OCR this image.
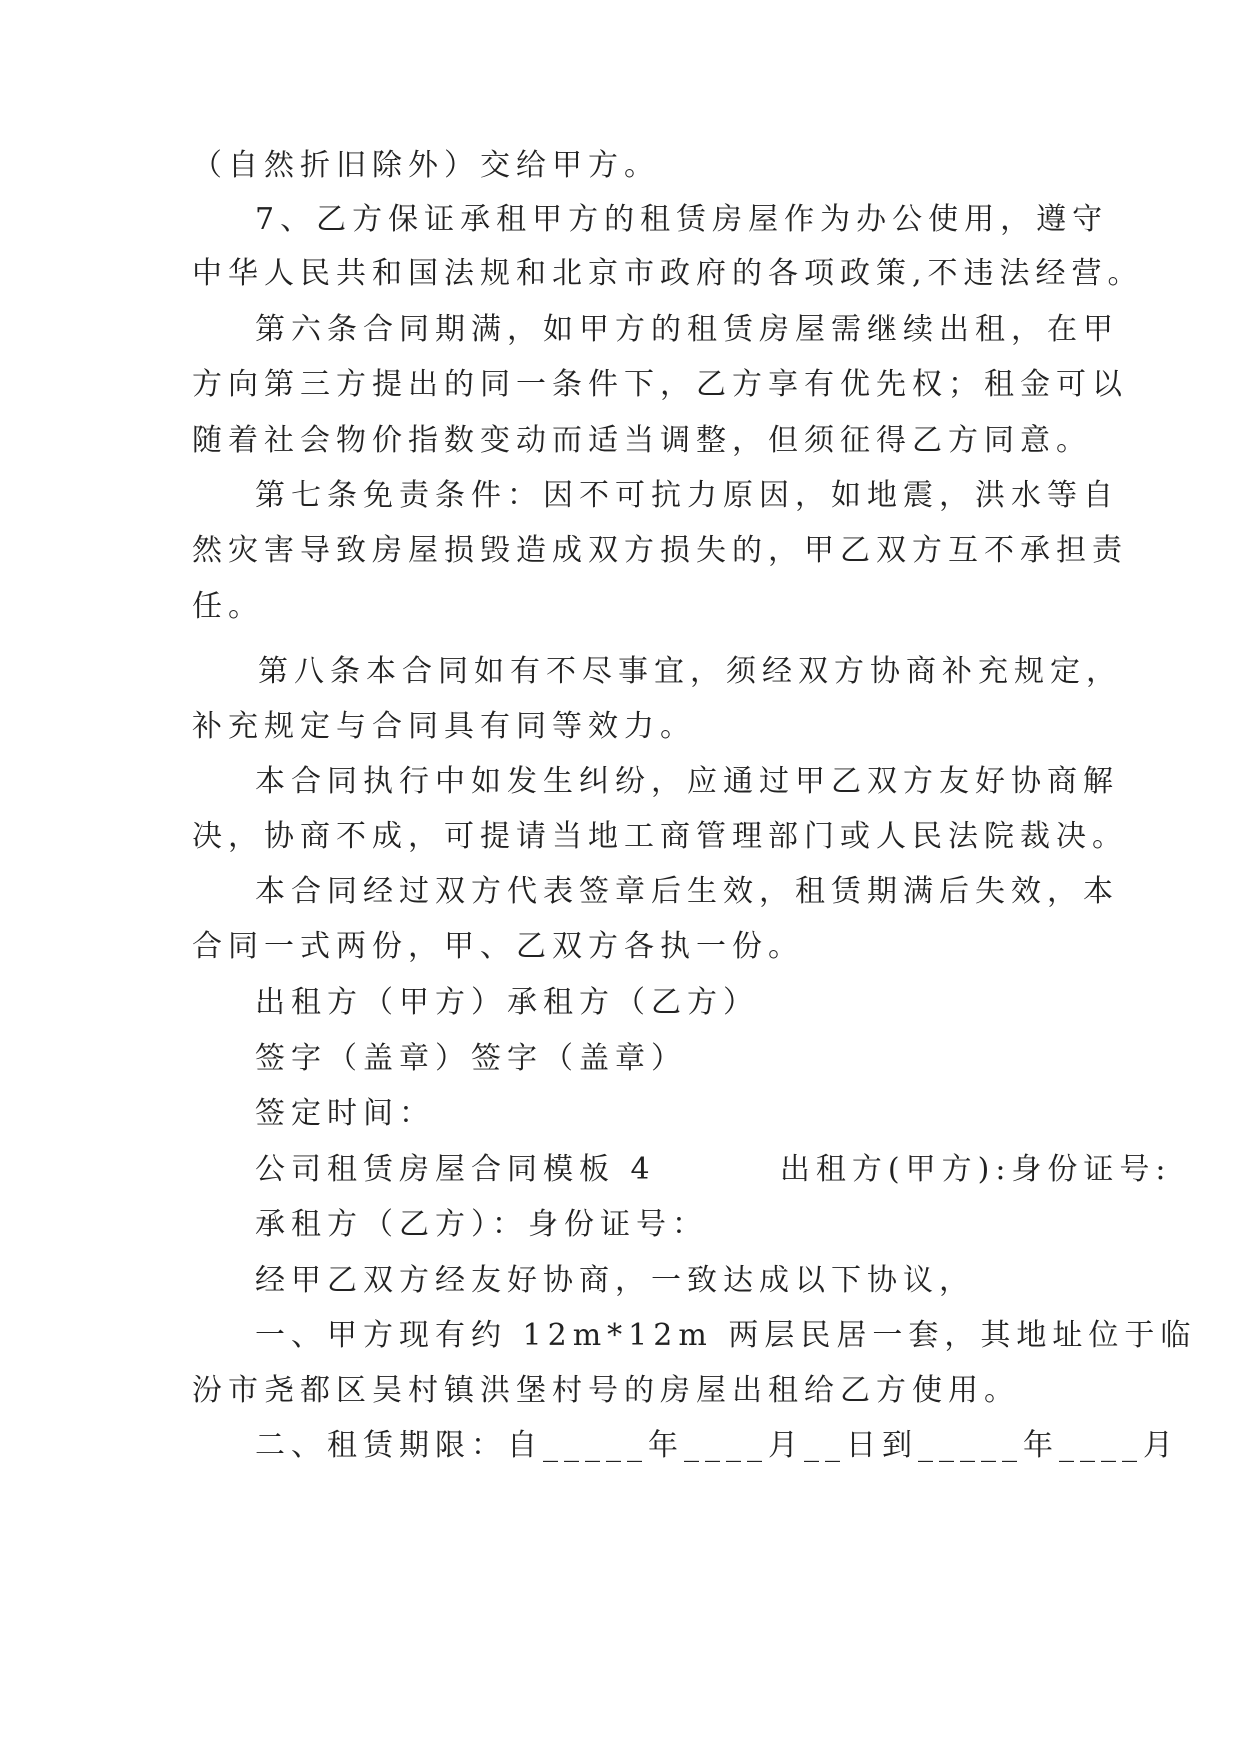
（自然折旧除外）交给甲方。
7、乙方保证承租甲方的租赁房屋作为办公使用，遵守
中华人民共和国法规和北京市政府的各项政策,不违法经营。
第六条合同期满，如甲方的租赁房屋需继续出租，在甲
方向第三方提出的同一条件下，乙方享有优先权；租金可以
随着社会物价指数变动而适当调整，但须征得乙方同意。
第七条免责条件：因不可抗力原因，如地震，洪水等自
然灾害导致房屋损毁造成双方损失的，甲乙双方互不承担责
任。
第八条本合同如有不尽事宜，须经双方协商补充规定，
补充规定与合同具有同等效力。
本合同执行中如发生纠纷，应通过甲乙双方友好协商解
决，协商不成，可提请当地工商管理部门或人民法院裁决。
本合同经过双方代表签章后生效，租赁期满后失效，本
合同一式两份，甲、乙双方各执一份。
出租方（甲方）承租方（乙方）
签字（盖章）签字（盖章）
签定时间：
公司租赁房屋合同模板 4        出租方(甲方):身份证号:
承租方（乙方）：身份证号：
经甲乙双方经友好协商，一致达成以下协议，
一、甲方现有约 12m*12m 两层民居一套，其地址位于临
汾市尧都区吴村镇洪堡村号的房屋出租给乙方使用。
二、租赁期限：自_____年____月__日到_____年____月
